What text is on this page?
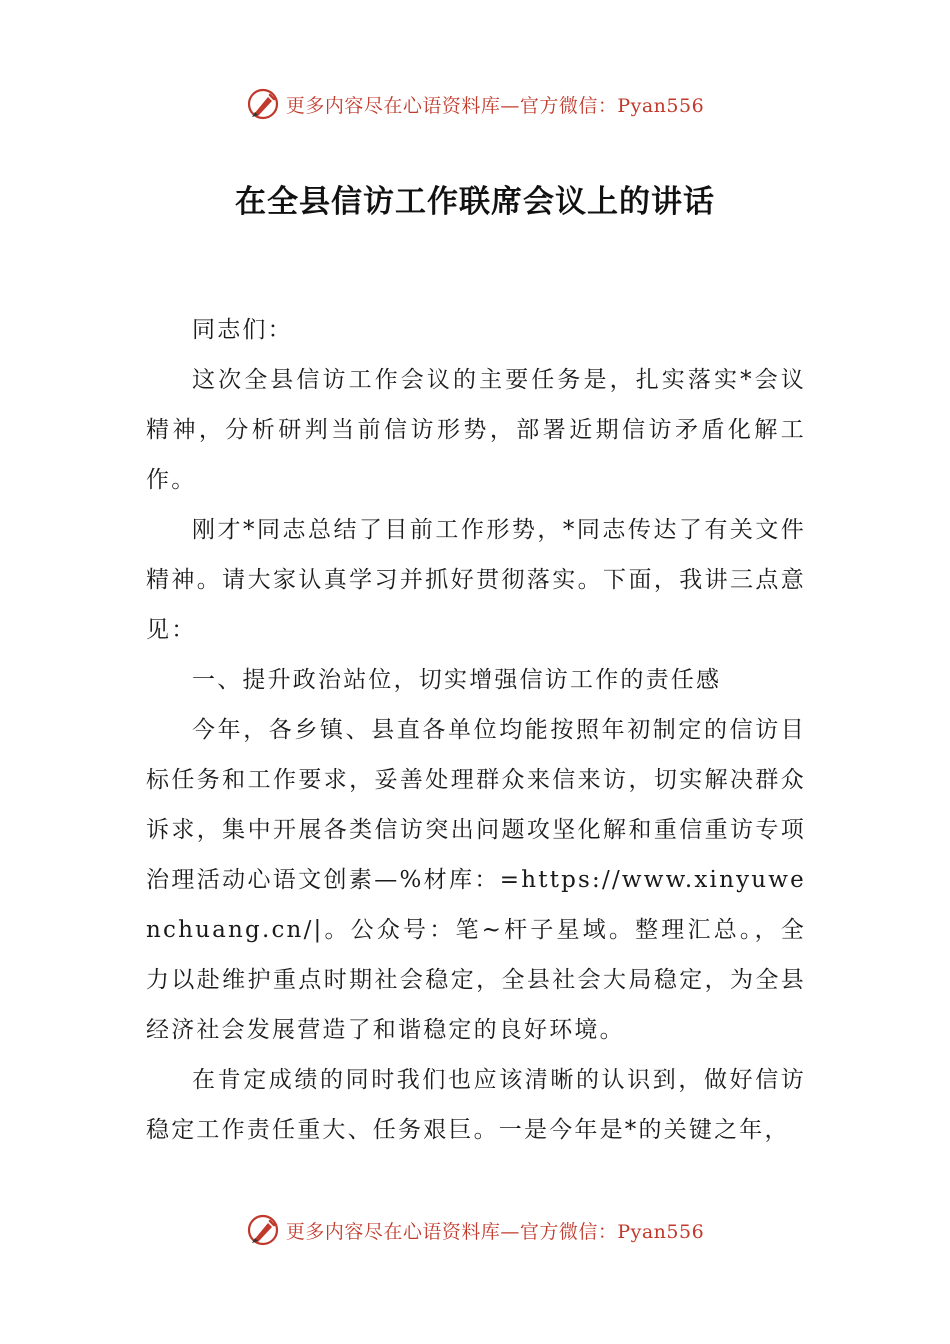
更多内容尽在心语资料库—官方微信：Pyan556
在全县信访工作联席会议上的讲话

同志们：

这次全县信访工作会议的主要任务是，扎实落实*会议精神，分析研判当前信访形势，部署近期信访矛盾化解工作。

刚才*同志总结了目前工作形势，*同志传达了有关文件精神。请大家认真学习并抓好贯彻落实。下面，我讲三点意见：

一、提升政治站位，切实增强信访工作的责任感

今年，各乡镇、县直各单位均能按照年初制定的信访目标任务和工作要求，妥善处理群众来信来访，切实解决群众诉求，集中开展各类信访突出问题攻坚化解和重信重访专项治理活动心语文创素—%材库：=https://www.xinyuwenchuang.cn/|。公众号：笔~杆子星域。整理汇总。，全力以赴维护重点时期社会稳定，全县社会大局稳定，为全县经济社会发展营造了和谐稳定的良好环境。

在肯定成绩的同时我们也应该清晰的认识到，做好信访稳定工作责任重大、任务艰巨。一是今年是*的关键之年，

更多内容尽在心语资料库—官方微信：Pyan556
